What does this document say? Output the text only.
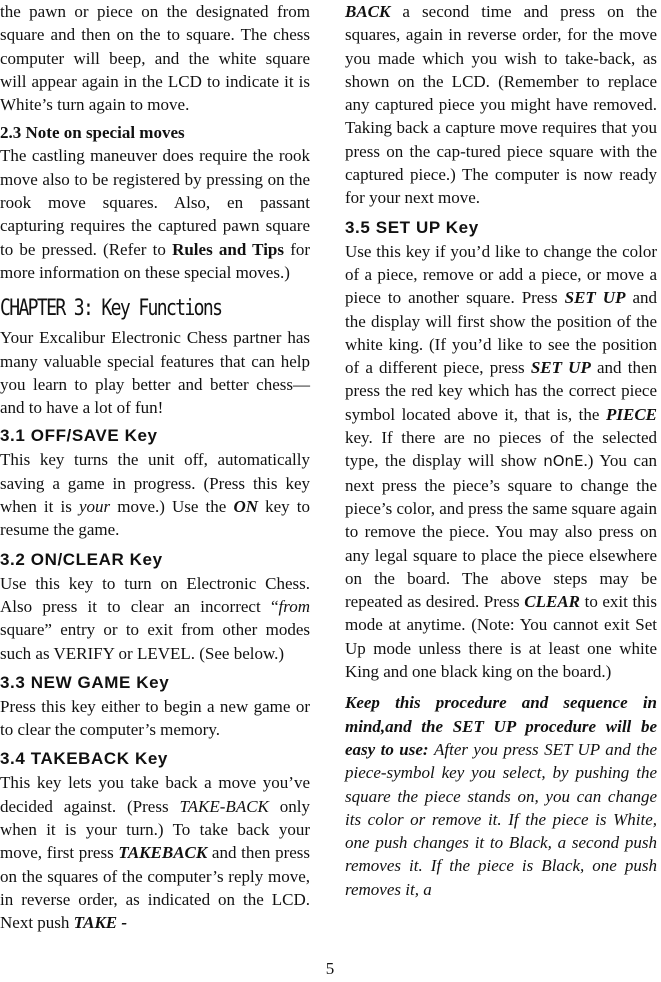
the pawn or piece on the designated from square and then on the to square. The chess computer will beep, and the white square will appear again in the LCD to indicate it is White’s turn again to move.

2.3 Note on special moves

The castling maneuver does require the rook move also to be registered by pressing on the rook move squares. Also, en passant capturing requires the captured pawn square to be pressed. (Refer to Rules and Tips for more information on these special moves.)

CHAPTER 3: Key Functions

Your Excalibur Electronic Chess partner has many valuable special features that can help you learn to play better and better chess—and to have a lot of fun!

3.1 OFF/SAVE Key

This key turns the unit off, automatically saving a game in progress. (Press this key when it is your move.) Use the ON key to resume the game.

3.2 ON/CLEAR Key

Use this key to turn on Electronic Chess. Also press it to clear an incorrect “from square” entry or to exit from other modes such as VERIFY or LEVEL. (See below.)

3.3 NEW GAME Key

Press this key either to begin a new game or to clear the computer’s memory.

3.4 TAKEBACK Key

This key lets you take back a move you’ve decided against. (Press TAKE-BACK only when it is your turn.) To take back your move, first press TAKEBACK and then press on the squares of the computer’s reply move, in reverse order, as indicated on the LCD. Next push TAKE -

BACK a second time and press on the squares, again in reverse order, for the move you made which you wish to take-back, as shown on the LCD. (Remember to replace any captured piece you might have removed. Taking back a capture move requires that you press on the cap-tured piece square with the captured piece.) The computer is now ready for your next move.

3.5 SET UP Key

Use this key if you’d like to change the color of a piece, remove or add a piece, or move a piece to another square. Press SET UP and the display will first show the position of the white king. (If you’d like to see the position of a different piece, press SET UP and then press the red key which has the correct piece symbol located above it, that is, the PIECE key. If there are no pieces of the selected type, the display will show nOnE.) You can next press the piece’s square to change the piece’s color, and press the same square again to remove the piece. You may also press on any legal square to place the piece elsewhere on the board. The above steps may be repeated as desired. Press CLEAR to exit this mode at anytime. (Note: You cannot exit Set Up mode unless there is at least one white King and one black king on the board.)

Keep this procedure and sequence in mind,and the SET UP procedure will be easy to use: After you press SET UP and the piece-symbol key you select, by pushing the square the piece stands on, you can change its color or remove it. If the piece is White, one push changes it to Black, a second push removes it. If the piece is Black, one push removes it, a

5
